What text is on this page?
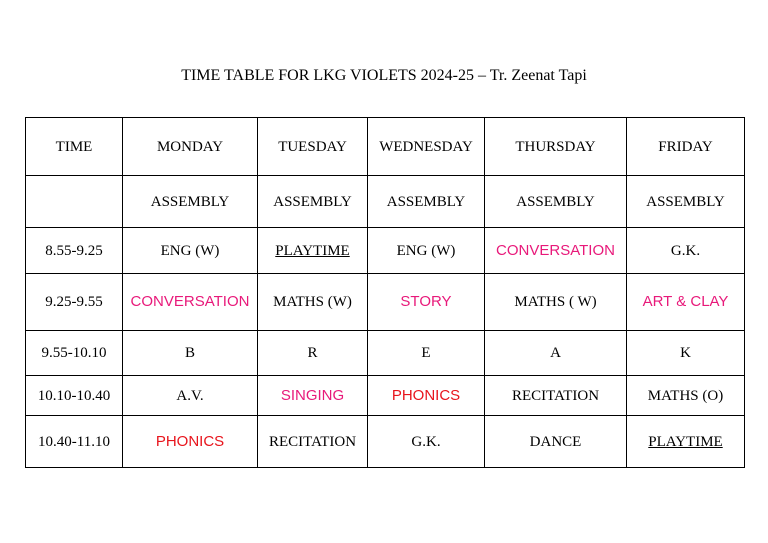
TIME TABLE FOR LKG VIOLETS 2024-25 – Tr. Zeenat Tapi
TIME	MONDAY	TUESDAY	WEDNESDAY	THURSDAY	FRIDAY
	ASSEMBLY	ASSEMBLY	ASSEMBLY	ASSEMBLY	ASSEMBLY
8.55-9.25	ENG (W)	PLAYTIME	ENG (W)	CONVERSATION	G.K.
9.25-9.55	CONVERSATION	MATHS (W)	STORY	MATHS ( W)	ART & CLAY
9.55-10.10	B	R	E	A	K
10.10-10.40	A.V.	SINGING	PHONICS	RECITATION	MATHS (O)
10.40-11.10	PHONICS	RECITATION	G.K.	DANCE	PLAYTIME
